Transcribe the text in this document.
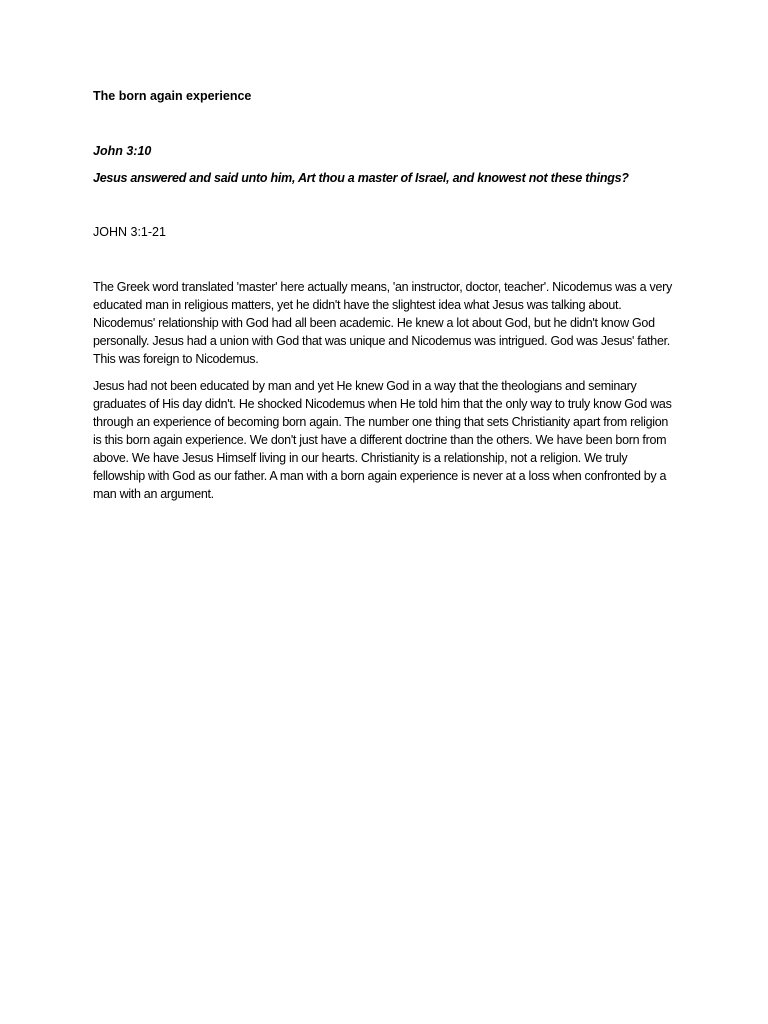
The born again experience

John 3:10

Jesus answered and said unto him, Art thou a master of Israel, and knowest not these things?

JOHN 3:1-21

The Greek word translated 'master' here actually means, 'an instructor, doctor, teacher'. Nicodemus was a very educated man in religious matters, yet he didn't have the slightest idea what Jesus was talking about. Nicodemus' relationship with God had all been academic. He knew a lot about God, but he didn't know God personally. Jesus had a union with God that was unique and Nicodemus was intrigued. God was Jesus' father. This was foreign to Nicodemus.

Jesus had not been educated by man and yet He knew God in a way that the theologians and seminary graduates of His day didn't. He shocked Nicodemus when He told him that the only way to truly know God was through an experience of becoming born again. The number one thing that sets Christianity apart from religion is this born again experience. We don't just have a different doctrine than the others. We have been born from above. We have Jesus Himself living in our hearts. Christianity is a relationship, not a religion. We truly fellowship with God as our father. A man with a born again experience is never at a loss when confronted by a man with an argument.
